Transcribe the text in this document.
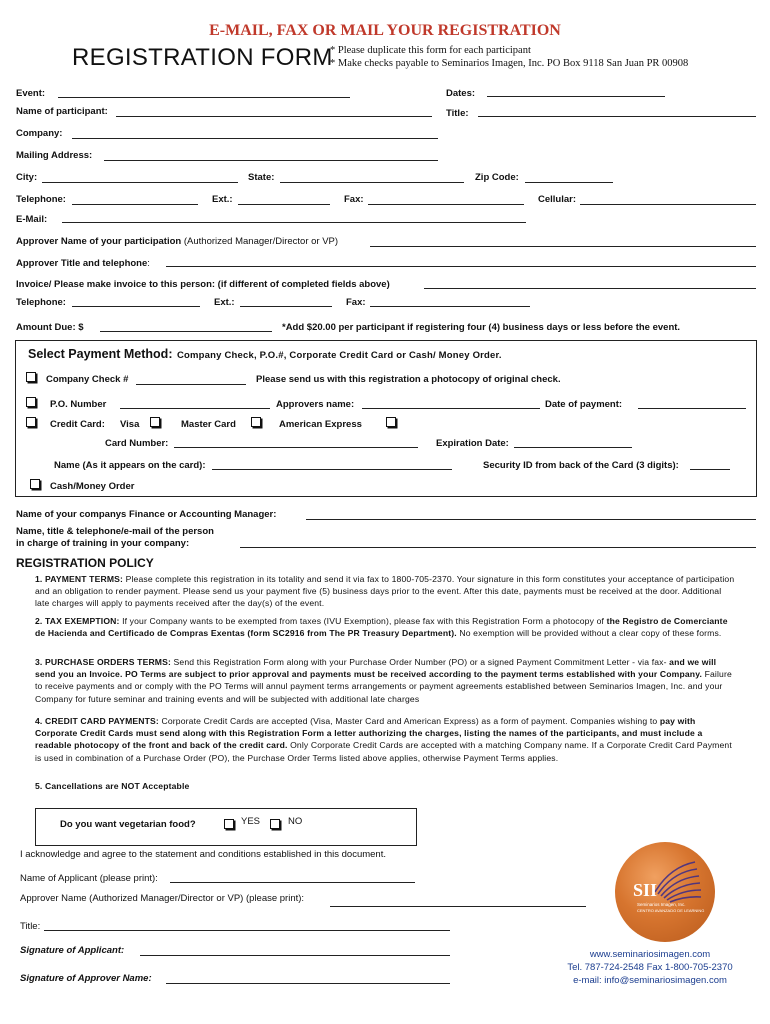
E-MAIL, FAX OR MAIL YOUR REGISTRATION
REGISTRATION FORM
* Please duplicate this form for each participant
* Make checks payable to Seminarios Imagen, Inc. PO Box 9118 San Juan PR 00908
Event:	Dates:
Name of participant:	Title:
Company:
Mailing Address:
City:	State:	Zip Code:
Telephone:	Ext.:	Fax:	Cellular:
E-Mail:
Approver Name of your participation (Authorized Manager/Director or VP)
Approver Title and telephone:
Invoice/ Please make invoice to this person: (if different of completed fields above)
Telephone:	Ext.:	Fax:
Amount Due: $	*Add $20.00 per participant if registering four (4) business days or less before the event.
Select Payment Method: Company Check, P.O.#, Corporate Credit Card or Cash/ Money Order.
Company Check #	Please send us with this registration a photocopy of original check.
P.O. Number	Approvers name:	Date of payment:
Credit Card: Visa	Master Card	American Express
Card Number:	Expiration Date:
Name (As it appears on the card):	Security ID from back of the Card (3 digits):
Cash/Money Order
Name of your companys Finance or Accounting Manager:
Name, title & telephone/e-mail of the person
in charge of training in your company:
REGISTRATION POLICY
1. PAYMENT TERMS: Please complete this registration in its totality and send it via fax to 1800-705-2370. Your signature in this form constitutes your acceptance of participation and an obligation to render payment. Please send us your payment five (5) business days prior to the event. After this date, payments must be received at the door. Additional late charges will apply to payments received after the day(s) of the event.
2. TAX EXEMPTION: If your Company wants to be exempted from taxes (IVU Exemption), please fax with this Registration Form a photocopy of the Registro de Comerciante de Hacienda and Certificado de Compras Exentas (form SC2916 from The PR Treasury Department). No exemption will be provided without a clear copy of these forms.
3. PURCHASE ORDERS TERMS: Send this Registration Form along with your Purchase Order Number (PO) or a signed Payment Commitment Letter - via fax- and we will send you an Invoice. PO Terms are subject to prior approval and payments must be received according to the payment terms established with your Company. Failure to receive payments and or comply with the PO Terms will annul payment terms arrangements or payment agreements established between Seminarios Imagen, Inc. and your Company for future seminar and training events and will be subjected with additional late charges
4. CREDIT CARD PAYMENTS: Corporate Credit Cards are accepted (Visa, Master Card and American Express) as a form of payment. Companies wishing to pay with Corporate Credit Cards must send along with this Registration Form a letter authorizing the charges, listing the names of the participants, and must include a readable photocopy of the front and back of the credit card. Only Corporate Credit Cards are accepted with a matching Company name. If a Corporate Credit Card Payment is used in combination of a Purchase Order (PO), the Purchase Order Terms listed above applies, otherwise Payment Terms applies.
5. Cancellations are NOT Acceptable
Do you want vegetarian food?	YES	NO
I acknowledge and agree to the statement and conditions established in this document.
Name of Applicant (please print):
Approver Name (Authorized Manager/Director or VP) (please print):
Title:
Signature of Applicant:
Signature of Approver Name:
SII
Seminarios Imagen, Inc.
CENTRO AVANZADO DE LEARNING
www.seminariosimagen.com
Tel. 787-724-2548 Fax 1-800-705-2370
e-mail: info@seminariosimagen.com
